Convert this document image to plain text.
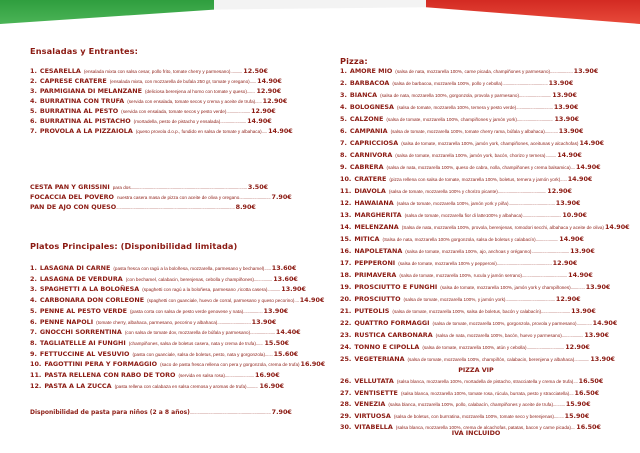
Ensaladas y Entrantes:
1. CESARELLA (ensalada mixta con salsa cesar, pollo frito, tomate cherry y parmesano) ........... 12.50€
2. CAPRESE CRATERE (ensalada mixta, con mozzarella de bufala 250 gr, tomate y oregano) ...... 14.90€
3. PARMIGIANA DI MELANZANE (deliciosa berenjena al horno con tomate y queso) ........ 12.90€
4. BURRATINA CON TRUFA (servida con ensalada, tomate secos y crema y aceite de trufa) ...... 12.90€
5. BURRATINA AL PESTO (servida con ensalada, tomate secos y pesto verde) ...................... 12.90€
6. BURRATINA AL PISTACHO (mortadella, pesto de pistacho y ensalada) ........................ 14.90€
7. PROVOLA A LA PIZZAIOLA (queso provola d.o.p., fundido en salsa de tomate y albahaca) ..... 14.90€
CESTA PAN Y GRISSINI para dos ............................................................................................................ 3.50€
FOCACCIA DEL POVERO nuestra casera masa de pizza con aceite de oliva y oregano ............................. 7.90€
PAN DE AJO CON QUESO .............................................................................................................. 8.90€
Platos Principales: (Disponibilidad limitada)
1. LASAGNA DI CARNE (pasta fresca con ragú a la boloñesa, mozzarella, parmesano y bechamel) ...... 13.60€
2. LASAGNA DE VERDURA (con bechamel, calabacin, berenjenas, cebolla y champiñones) ................. 13.60€
3. SPAGHETTI A LA BOLOÑESA (spaghetti con ragú a la boloñesa, parmesano ,ricotta casera) ............ 13.90€
4. CARBONARA DON CORLEONE (spaghetti con guanciale, huevo de corral, parmesano y queso pecorino) .... 14.90€
5. PENNE AL PESTO VERDE (pasta corta con salsa de pesto verde genovese y nata) .................. 13.90€
6. PENNE NAPOLI (tomate cherry, albahaca, parmesano, pecorino y albahaca) ............................... 13.90€
7. GNOCCHI SORRENTINA (con salsa de tomate dov, mozzarella de búfala y parmesano) ....................... 14.40€
8. TAGLIATELLE AI FUNGHI (champiñones, salsa de boletus casera, nata y crema de trufa) ....... 15.50€
9. FETTUCCINE AL VESUVIO (pasta con guanciale, salsa de boletus, pesto, nata y gorgonzola) ....... 15.60€
10. FAGOTTINI PERA Y FORMAGGIO (saco de pasta fresca rellena con pera y gorgonzola, crema de trufa) 16.90€
11. PASTA RELLENA CON RABO DE TORO (servida en salsa rosa) ........................... 16.90€
12. PASTA A LA ZUCCA (pasta rellena con calabaza en salsa cremosa y aromas de trufa) ........... 16.90€
Disponibilidad de pasta para niños (2 a 8 años) ........................................................................... 7.90€
Pizza:
1. AMORE MIO (salsa de nata, mozzarella 100%, carne picada, champiñones y parmesano) ..................... 13.90€
2. BARBACOA (salsa de barbacoa, mozzarella 100%, pollo y cebolla) .......................................... 13.90€
3. BIANCA (salsa de nata, mozzarella 100%, gorgonzola, provola y parmesano) .............................. 13.90€
4. BOLOGNESA (salsa de tomate, mozzarella 100%, ternera y pesto verde) .................................. 13.90€
5. CALZONE (salsa de tomate, mozzarella 100%, champiñones y jamón york) .................................. 13.90€
6. CAMPANIA (salsa de tomate, mozzarella 100%, tomate cherry rama, búfala y albahaca) ............ 13.90€
7. CAPRICCIOSA (salsa de tomate, mozzarella 100%, jamón york, champiñones, aceitunas y alcachofas) 14.90€
8. CARNIVORA (salsa de tomate, mozzarella 100%, jamón york, bacón, chorizo y ternera) .......... 14.90€
9. CABRERA (salsa de nata, mozzarella 100%, queso de cabra, nolla, champiñones y crema balsamica) .... 14.90€
10. CRATERE (pizza rellena con salsa de tomate, mozzarella 100%, boletus, ternera y jamón york) ...... 14.90€
11. DIAVOLA (salsa de tomate, mozzarella 100% y chorizo picante) ............................................. 12.90€
12. HAWAIANA (salsa de tomate, mozzarella 100%, jamón york y piña) ........................................... 13.90€
13. MARGHERITA (salsa de tomate, mozzarella fior di latte100% y albahaca) .................................... 10.90€
14. MELENZANA (Salsa de nata, mozzarella 100%, provola, berenjenas, romodori secchi, albahaca y aceite de oliva) 14.90€
15. MITICA (Salsa de nata, mozzarella 100% gorgonzola, salsa de boletus y calabacín) ..................... 14.90€
16. NAPOLETANA (salsa de tomate, mozzarella 100%, ajo, anchoas y oréganno) ................................... 13.90€
17. PEPPERONI (salsa de tomate, mozzarella 100% y pepperoni) ................................................... 12.90€
18. PRIMAVERA (salsa de tomate, mozzarella 100%, rucula y jamón serrano) .......................................... 14.90€
19. PROSCIUTTO E FUNGHI (salsa de tomate, mozzarella 100%, jamón york y champiñones) ............. 13.90€
20. PROSCIUTTO (salsa de tomate, mozzarella 100%, y jamón york) .............................................. 12.90€
21. PUTEOLIS (salsa de tomate, mozzarella 100%, salsa de boletus, bacón y calabacín) ........................... 13.90€
22. QUATTRO FORMAGGI (salsa de tomate, mozzarella 100%, gorgonzola, provola y parmesano) .............. 14.90€
23. RUSTICA CARBONARA (salsa de nata, mozzarella 100%, bacón, huevo y parmesano) .................... 13.90€
24. TONNO E CIPOLLA (salsa de tomate, mozzarella 100%, atún y cebolla) ................................... 12.90€
25. VEGETERIANA (salsa de tomate, mozzarella 100%, champiñón, calabacin, berenjena y albahaca) .............. 13.90€
PIZZA VIP
26. VELLUTATA (salsa blanca, mozzarella 100%, mortadella de pistacho, stracciatella y crema de trufa) .... 16.50€
27. VENTISETTE (salsa blanca, mozzarella 100%, tomate rosa, rúcula, burrata, pesto y stracciatella) .... 16.50€
28. VENEZIA (salsa blanca, mozzarella 100%, pollo, calabacín, champiñones y aceite de trufa) ........... 15.90€
29. VIRTUOSA (salsa de boletus, con burrratina, mozzarella 100%, tomate seco y berenjenas) ......... 15.90€
30. VITABELLA (salsa blanca, mozzarella 100%, crema de alcachofas, patatas, bacon y carne picada) .... 16.50€
IVA INCLUIDO
